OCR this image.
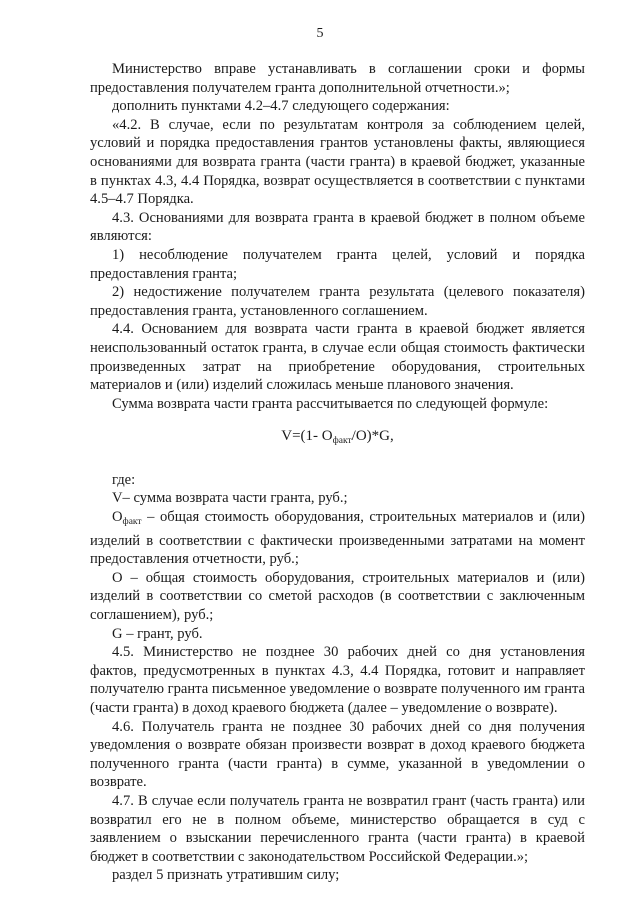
5

Министерство вправе устанавливать в соглашении сроки и формы предоставления получателем гранта дополнительной отчетности.»;

дополнить пунктами 4.2–4.7 следующего содержания:

«4.2. В случае, если по результатам контроля за соблюдением целей, условий и порядка предоставления грантов установлены факты, являющиеся основаниями для возврата гранта (части гранта) в краевой бюджет, указанные в пунктах 4.3, 4.4 Порядка, возврат осуществляется в соответствии с пунктами 4.5–4.7 Порядка.

4.3. Основаниями для возврата гранта в краевой бюджет в полном объеме являются:

1) несоблюдение получателем гранта целей, условий и порядка предоставления гранта;

2) недостижение получателем гранта результата (целевого показателя) предоставления гранта, установленного соглашением.

4.4. Основанием для возврата части гранта в краевой бюджет является неиспользованный остаток гранта, в случае если общая стоимость фактически произведенных затрат на приобретение оборудования, строительных материалов и (или) изделий сложилась меньше планового значения.

Сумма возврата части гранта рассчитывается по следующей формуле:

V=(1- $O_{факт}/O)*G$,

где:

V– сумма возврата части гранта, руб.;

$O_{факт}$ – общая стоимость оборудования, строительных материалов и (или) изделий в соответствии с фактически произведенными затратами на момент предоставления отчетности, руб.;

O – общая стоимость оборудования, строительных материалов и (или) изделий в соответствии со сметой расходов (в соответствии с заключенным соглашением), руб.;

G – грант, руб.

4.5. Министерство не позднее 30 рабочих дней со дня установления фактов, предусмотренных в пунктах 4.3, 4.4 Порядка, готовит и направляет получателю гранта письменное уведомление о возврате полученного им гранта (части гранта) в доход краевого бюджета (далее – уведомление о возврате).

4.6. Получатель гранта не позднее 30 рабочих дней со дня получения уведомления о возврате обязан произвести возврат в доход краевого бюджета полученного гранта (части гранта) в сумме, указанной в уведомлении о возврате.

4.7. В случае если получатель гранта не возвратил грант (часть гранта) или возвратил его не в полном объеме, министерство обращается в суд с заявлением о взыскании перечисленного гранта (части гранта) в краевой бюджет в соответствии с законодательством Российской Федерации.»;

раздел 5 признать утратившим силу;
